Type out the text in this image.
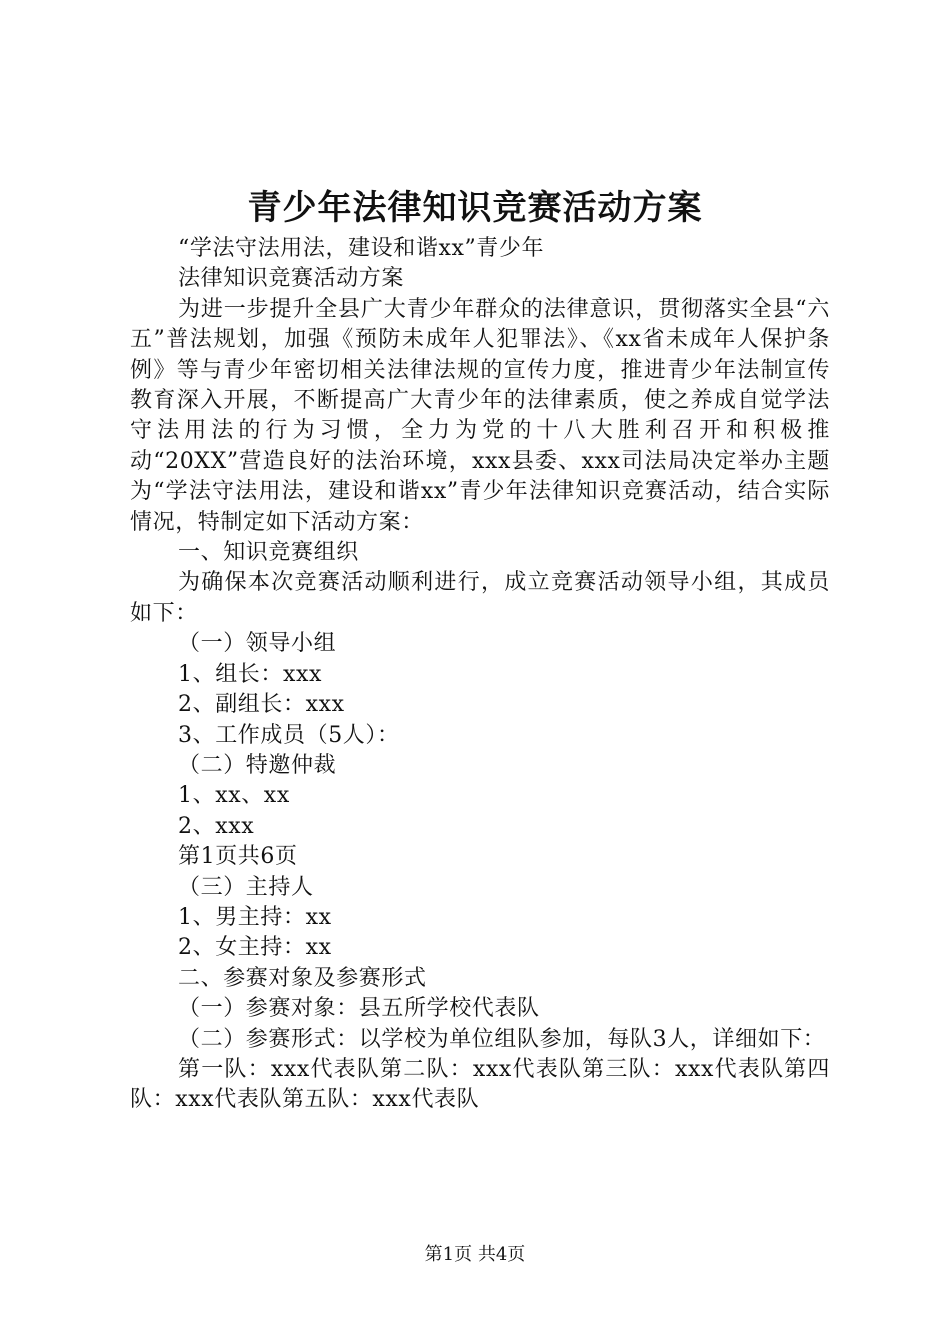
青少年法律知识竞赛活动方案

“学法守法用法，建设和谐xx”青少年

法律知识竞赛活动方案

为进一步提升全县广大青少年群众的法律意识，贯彻落实全县“六五”普法规划，加强《预防未成年人犯罪法》、《xx省未成年人保护条例》等与青少年密切相关法律法规的宣传力度，推进青少年法制宣传教育深入开展，不断提高广大青少年的法律素质，使之养成自觉学法守法用法的行为习惯，全力为党的十八大胜利召开和积极推动“20XX”营造良好的法治环境，xxx县委、xxx司法局决定举办主题为“学法守法用法，建设和谐xx”青少年法律知识竞赛活动，结合实际情况，特制定如下活动方案：

一、知识竞赛组织

为确保本次竞赛活动顺利进行，成立竞赛活动领导小组，其成员如下：

（一）领导小组

1、组长：xxx

2、副组长：xxx

3、工作成员（5人）：

（二）特邀仲裁

1、xx、xx

2、xxx

第1页共6页

（三）主持人

1、男主持：xx

2、女主持：xx

二、参赛对象及参赛形式

（一）参赛对象：县五所学校代表队

（二）参赛形式：以学校为单位组队参加，每队3人，详细如下：

第一队：xxx代表队第二队：xxx代表队第三队：xxx代表队第四队：xxx代表队第五队：xxx代表队

第1页 共4页
